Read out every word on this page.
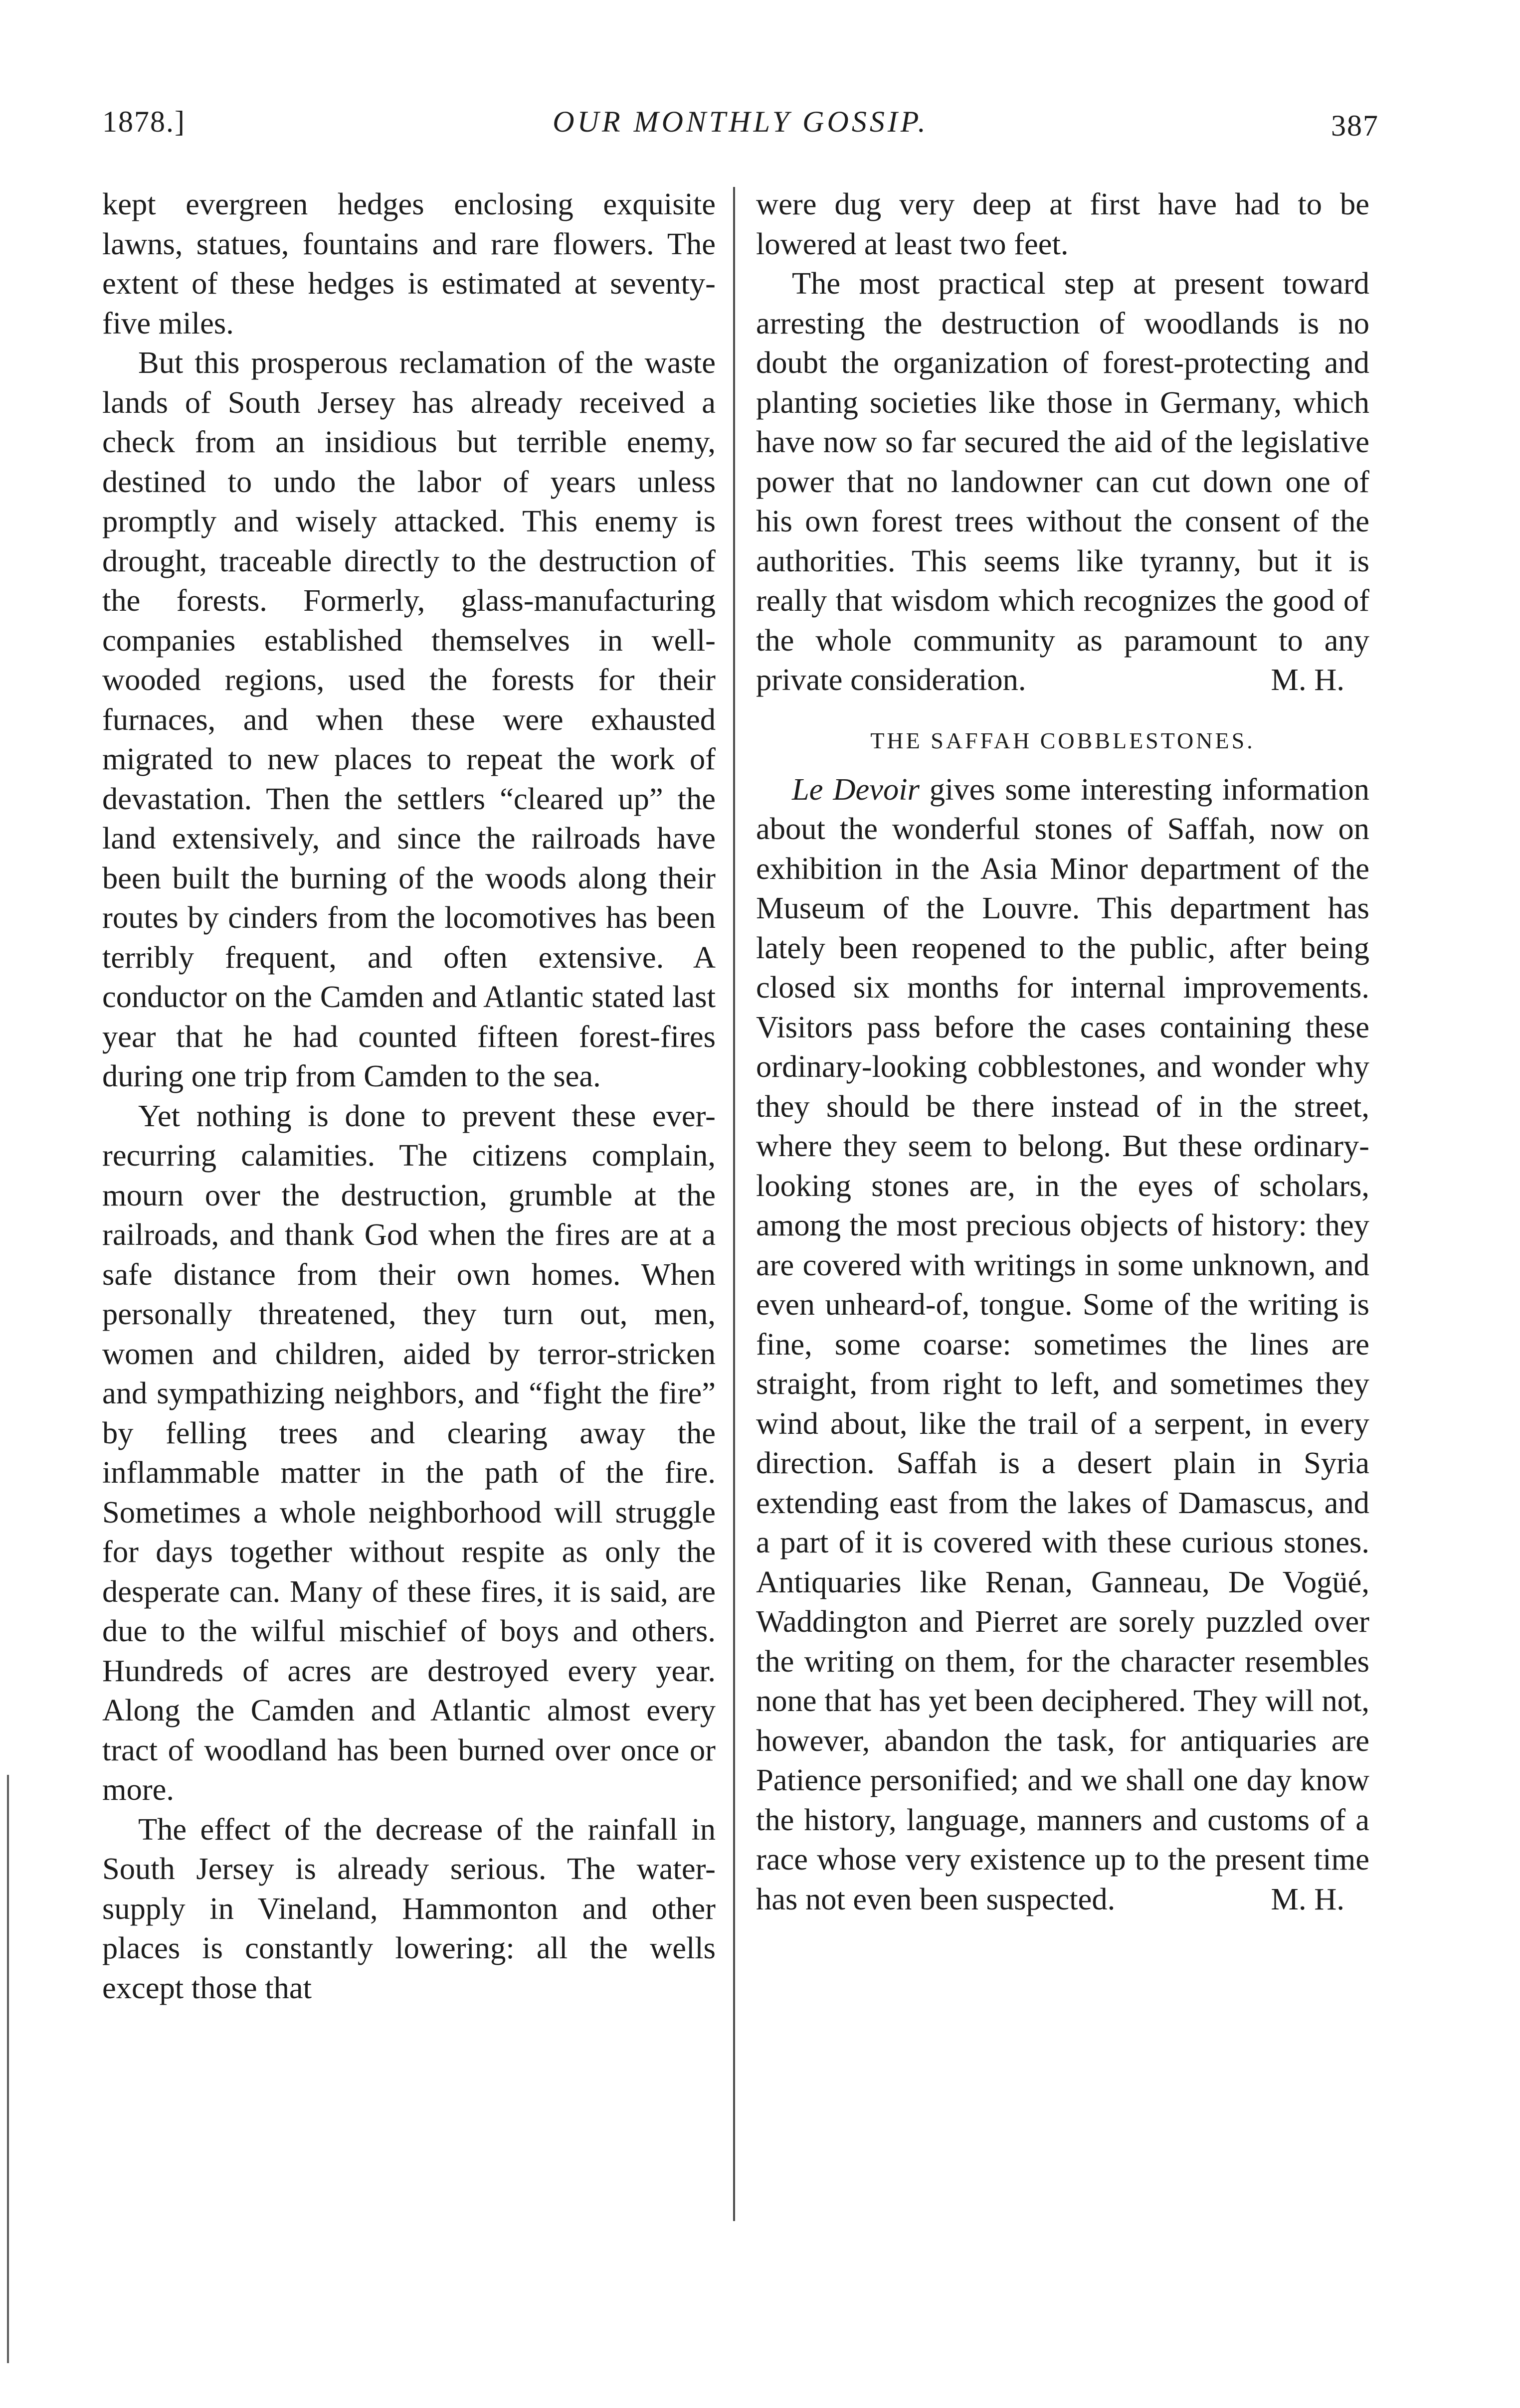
1878.]	OUR MONTHLY GOSSIP.	387

kept evergreen hedges enclosing exquisite lawns, statues, fountains and rare flowers. The extent of these hedges is estimated at seventy-five miles.

But this prosperous reclamation of the waste lands of South Jersey has already received a check from an insidious but terrible enemy, destined to undo the labor of years unless promptly and wisely attacked. This enemy is drought, traceable directly to the destruction of the forests. Formerly, glass-manufacturing companies established themselves in well-wooded regions, used the forests for their furnaces, and when these were exhausted migrated to new places to repeat the work of devastation. Then the settlers “cleared up” the land extensively, and since the railroads have been built the burning of the woods along their routes by cinders from the locomotives has been terribly frequent, and often extensive. A conductor on the Camden and Atlantic stated last year that he had counted fifteen forest-fires during one trip from Camden to the sea.

Yet nothing is done to prevent these ever-recurring calamities. The citizens complain, mourn over the destruction, grumble at the railroads, and thank God when the fires are at a safe distance from their own homes. When personally threatened, they turn out, men, women and children, aided by terror-stricken and sympathizing neighbors, and “fight the fire” by felling trees and clearing away the inflammable matter in the path of the fire. Sometimes a whole neighborhood will struggle for days together without respite as only the desperate can. Many of these fires, it is said, are due to the wilful mischief of boys and others. Hundreds of acres are destroyed every year. Along the Camden and Atlantic almost every tract of woodland has been burned over once or more.

The effect of the decrease of the rainfall in South Jersey is already serious. The water-supply in Vineland, Hammonton and other places is constantly lowering: all the wells except those that

were dug very deep at first have had to be lowered at least two feet.

The most practical step at present toward arresting the destruction of woodlands is no doubt the organization of forest-protecting and planting societies like those in Germany, which have now so far secured the aid of the legislative power that no landowner can cut down one of his own forest trees without the consent of the authorities. This seems like tyranny, but it is really that wisdom which recognizes the good of the whole community as paramount to any private consideration.	M. H.

THE SAFFAH COBBLESTONES.

Le Devoir gives some interesting information about the wonderful stones of Saffah, now on exhibition in the Asia Minor department of the Museum of the Louvre. This department has lately been reopened to the public, after being closed six months for internal improvements. Visitors pass before the cases containing these ordinary-looking cobblestones, and wonder why they should be there instead of in the street, where they seem to belong. But these ordinary-looking stones are, in the eyes of scholars, among the most precious objects of history: they are covered with writings in some unknown, and even unheard-of, tongue. Some of the writing is fine, some coarse: sometimes the lines are straight, from right to left, and sometimes they wind about, like the trail of a serpent, in every direction. Saffah is a desert plain in Syria extending east from the lakes of Damascus, and a part of it is covered with these curious stones. Antiquaries like Renan, Ganneau, De Vogüé, Waddington and Pierret are sorely puzzled over the writing on them, for the character resembles none that has yet been deciphered. They will not, however, abandon the task, for antiquaries are Patience personified; and we shall one day know the history, language, manners and customs of a race whose very existence up to the present time has not even been suspected.	M. H.
